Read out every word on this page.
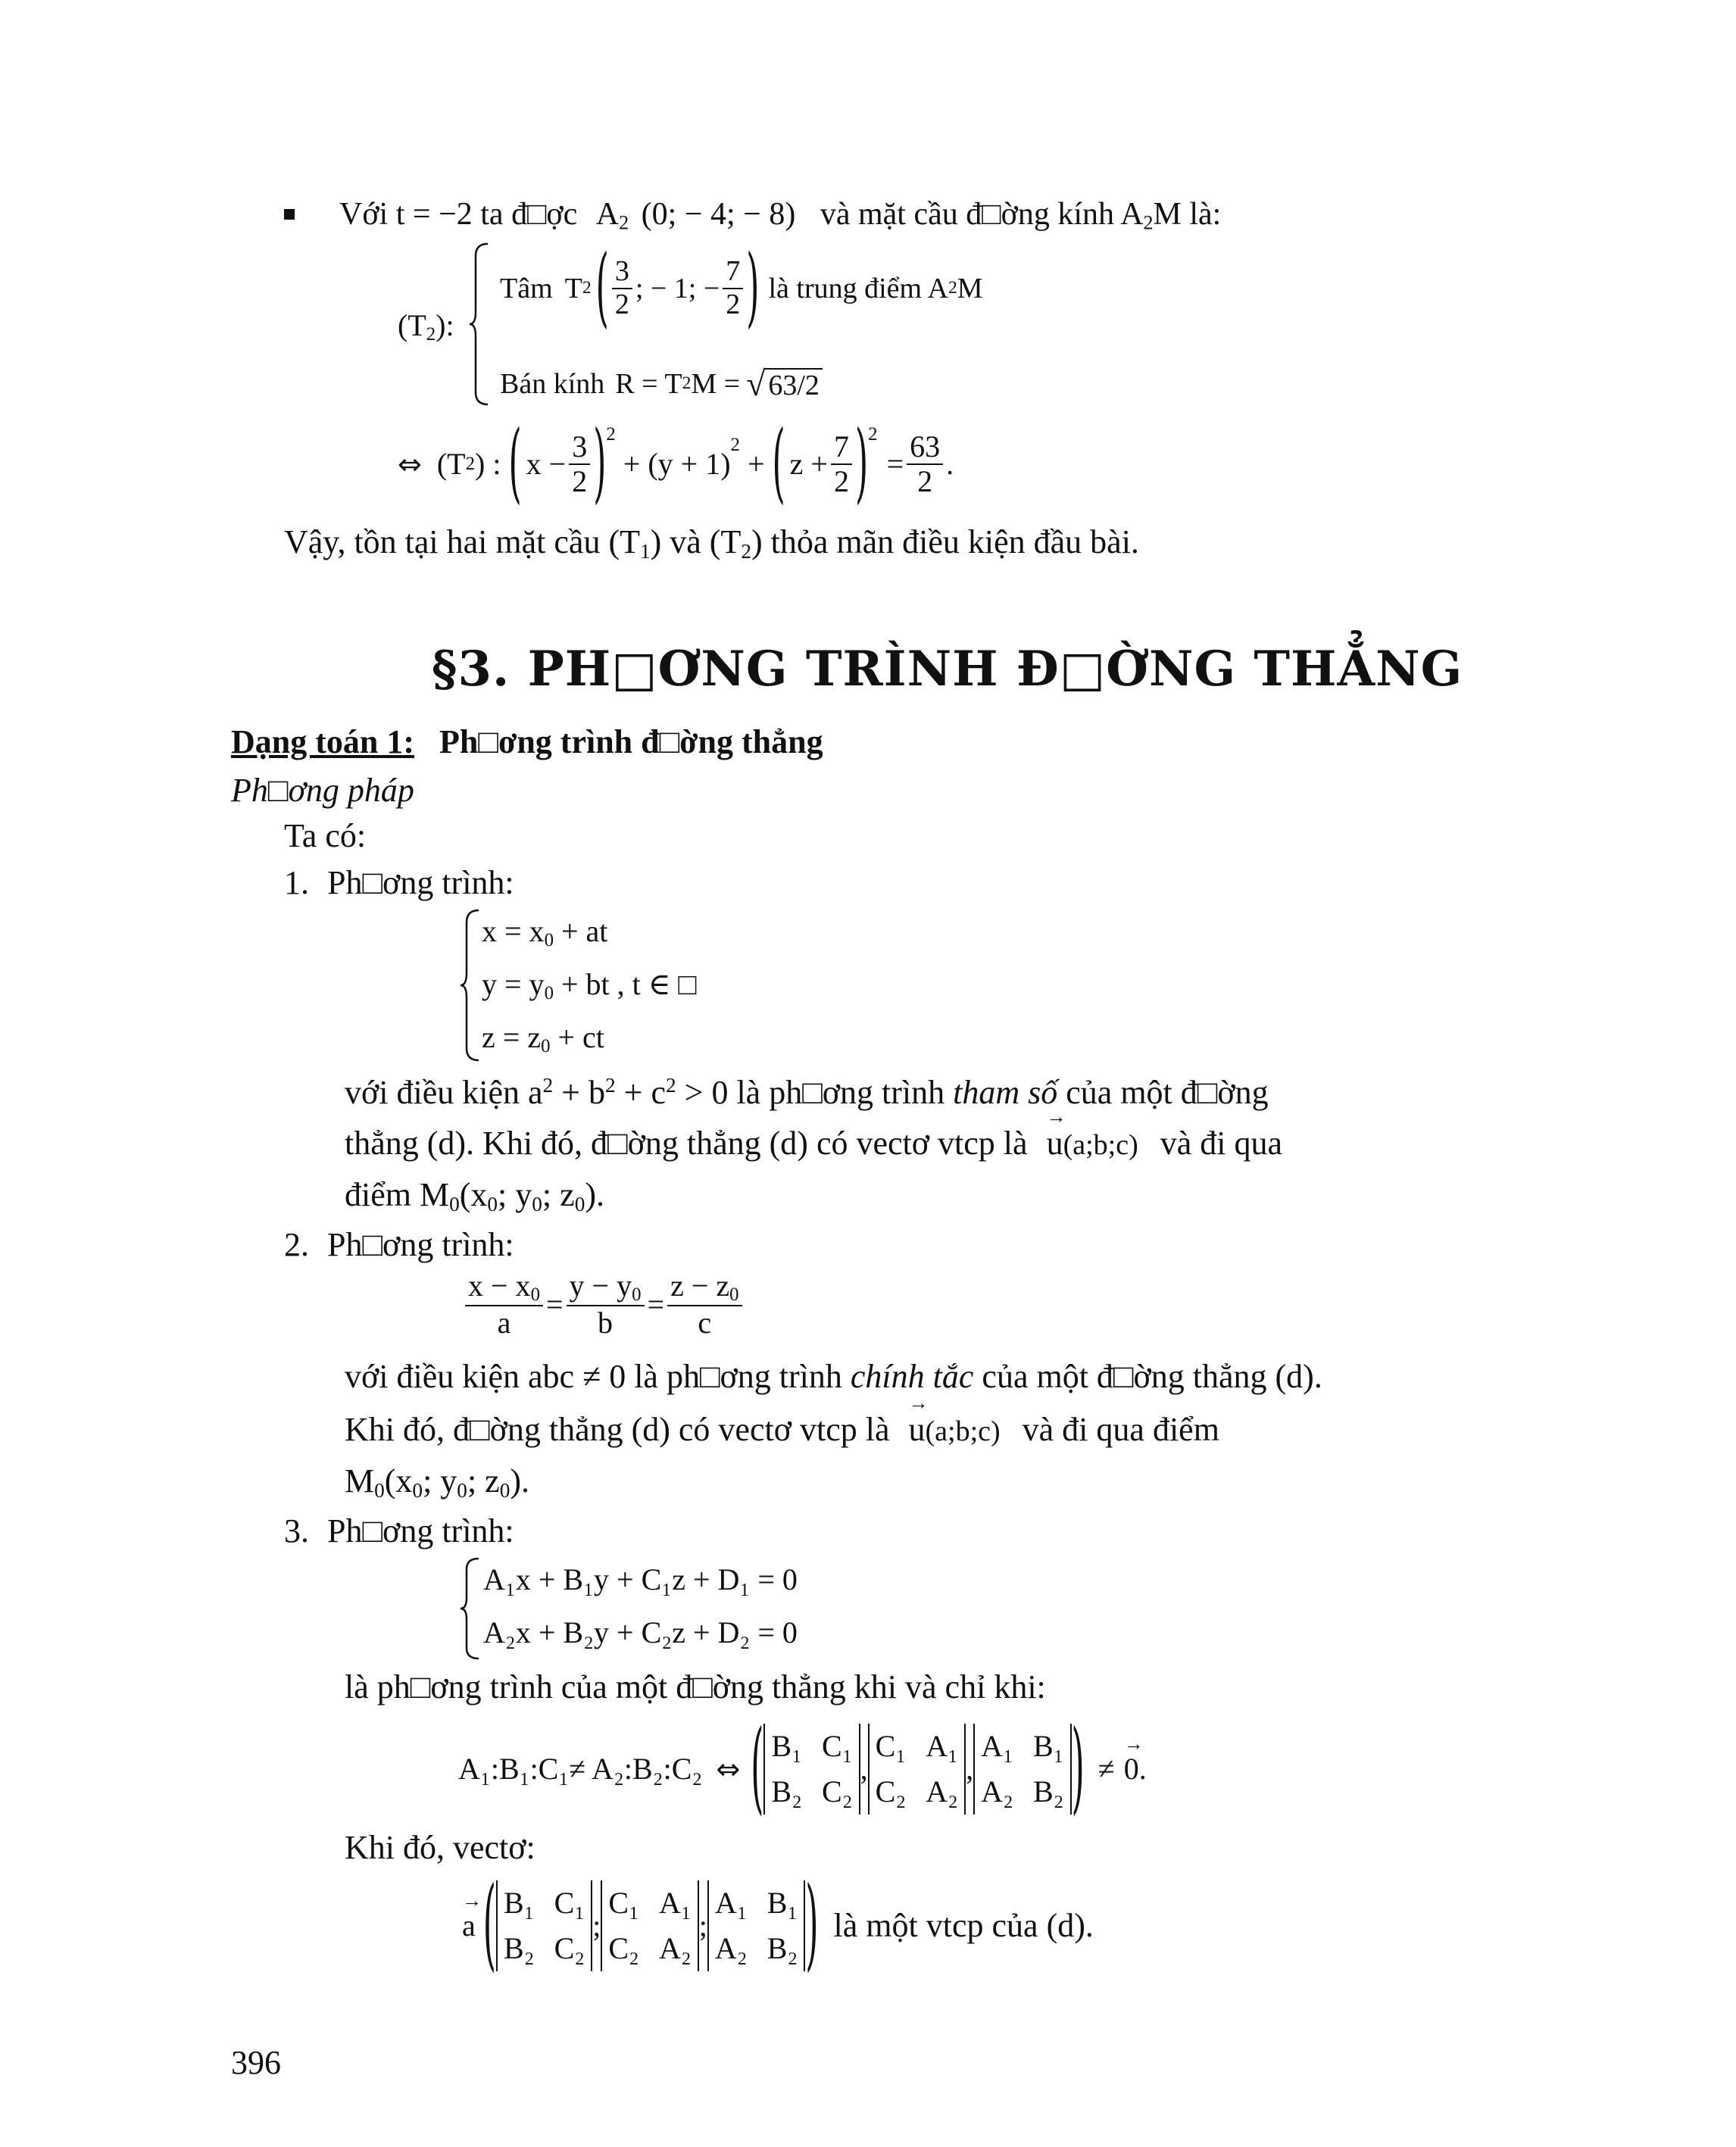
Với t = −2 ta đ□ợc $A_2$ (0; − 4; − 8) và mặt cầu đ□ờng kính $A_2M$ là:
$(T_2)$:
Tâm T 2 ( $\frac{3}{2}$ ; − 1; − $\frac{7}{2}$ ) là trung điểm A 2 M
Bán kính R = T 2 M = √ 63/2
⇔ (T 2 ) : ( $x - \frac{3}{2}$ ) 2
+ (y + 1)
2
+ ( $z + \frac{7}{2}$ ) 2
= $\frac{63}{2}$ .
Vậy, tồn tại hai mặt cầu $(T_1)$ và $(T_2)$ thỏa mãn điều kiện đầu bài.
§3. PH□ƠNG TRÌNH Đ□ỜNG THẲNG
Dạng toán 1: Ph□ơng trình đ□ờng thẳng
Ph□ơng pháp
Ta có:
1. Ph□ơng trình:
$x = x_0$ + at
$y = y_0$ + bt , t ∈ □
$z = z_0$ + ct
với điều kiện $a^2 + b^2 + c^2 > 0$ là ph□ơng trình tham số của một đ□ờng
thẳng (d). Khi đó, đ□ờng thẳng (d) có vectơ vtcp là → u(a;b;c) và đi qua
điểm $M_0(x_0$; $y_0$; $z_0$).
2. Ph□ơng trình:
$\frac{x - x_0}{a} = \frac{y - y_0}{b} = \frac{z - z_0}{c}$
với điều kiện abc ≠ 0 là ph□ơng trình chính tắc của một đ□ờng thẳng (d).
Khi đó, đ□ờng thẳng (d) có vectơ vtcp là → u(a;b;c) và đi qua điểm
$M_0(x_0$; $y_0$; $z_0$).
3. Ph□ơng trình:
A₁x + B₁y + C₁z + D₁ = 0
A₂x + B₂y + C₂z + D₂ = 0
là ph□ơng trình của một đ□ờng thẳng khi và chỉ khi:
A₁:B₁:C₁≠ A₂:B₂:C₂ ⇔ ( B₁ C₁
B₂ C₂
,
C₁ A₁
C₂ A₂
,
A₁ B₁
A₂ B₂ ) ≠ → 0 .
Khi đó, vectơ:
→ a ( B₁ C₁
B₂ C₂
;
C₁ A₁
C₂ A₂
;
A₁ B₁
A₂ B₂ ) là một vtcp của (d).
396
